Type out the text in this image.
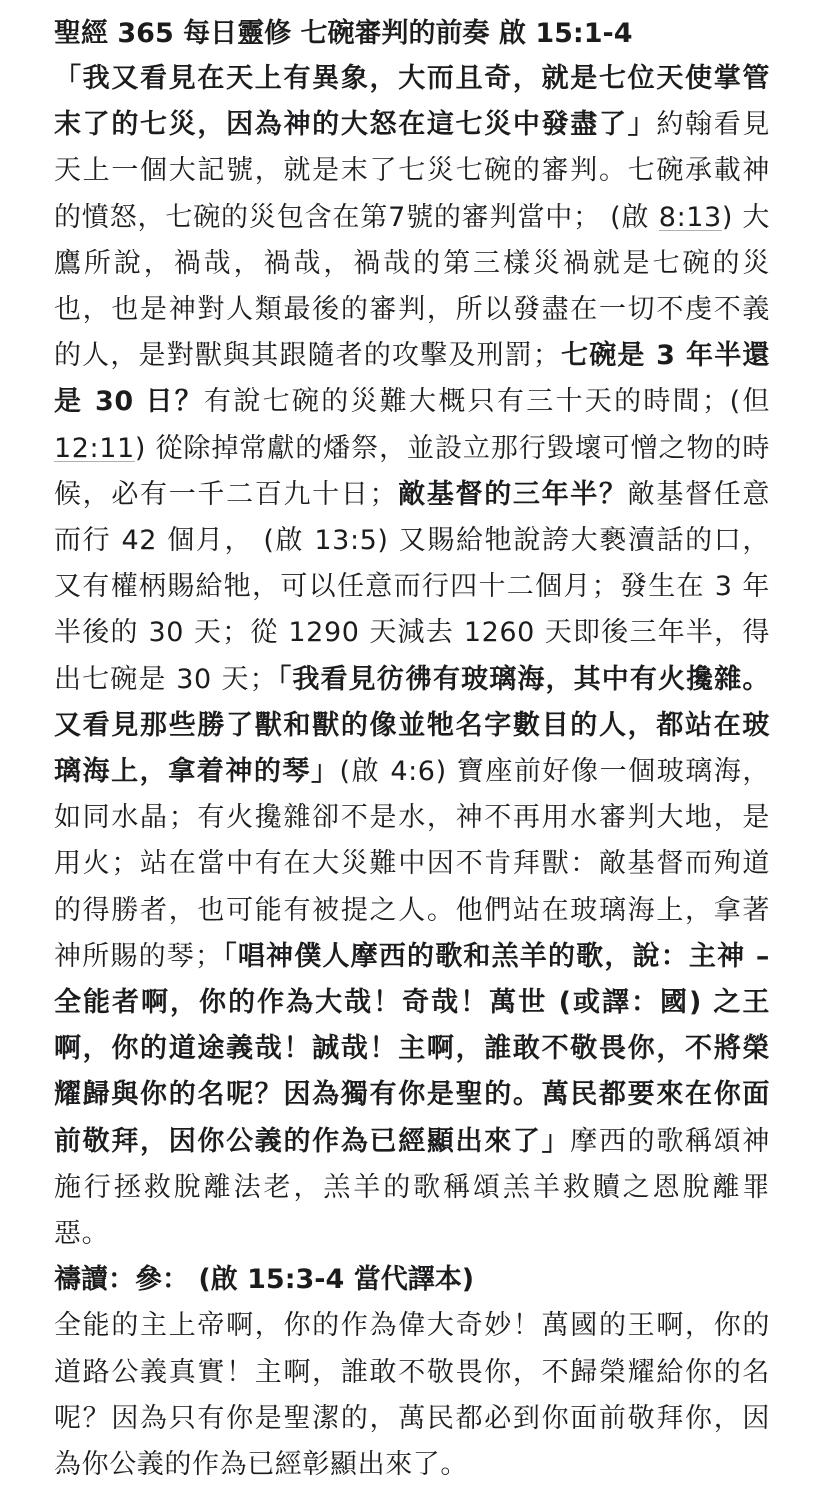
聖經 365 每日靈修 七碗審判的前奏 啟 15:1-4

「我又看見在天上有異象，大而且奇，就是七位天使掌管末了的七災，因為神的大怒在這七災中發盡了」約翰看見天上一個大記號，就是末了七災七碗的審判。七碗承載神的憤怒，七碗的災包含在第7號的審判當中； (啟 8:13) 大鷹所說，禍哉，禍哉，禍哉的第三樣災禍就是七碗的災也，也是神對人類最後的審判，所以發盡在一切不虔不義的人，是對獸與其跟隨者的攻擊及刑罰；七碗是 3 年半還是 30 日？有說七碗的災難大概只有三十天的時間；(但 12:11) 從除掉常獻的燔祭，並設立那行毀壞可憎之物的時候，必有一千二百九十日；敵基督的三年半？敵基督任意而行 42 個月， (啟 13:5) 又賜給牠說誇大褻瀆話的口，又有權柄賜給牠，可以任意而行四十二個月；發生在 3 年半後的 30 天；從 1290 天減去 1260 天即後三年半，得出七碗是 30 天；「我看見彷彿有玻璃海，其中有火攙雜。又看見那些勝了獸和獸的像並牠名字數目的人，都站在玻璃海上，拿着神的琴」(啟 4:6) 寶座前好像一個玻璃海，如同水晶；有火攙雜卻不是水，神不再用水審判大地，是用火；站在當中有在大災難中因不肯拜獸：敵基督而殉道的得勝者，也可能有被提之人。他們站在玻璃海上，拿著神所賜的琴；「唱神僕人摩西的歌和羔羊的歌，說：主神 – 全能者啊，你的作為大哉！奇哉！萬世 (或譯：國) 之王啊，你的道途義哉！誠哉！主啊，誰敢不敬畏你，不將榮耀歸與你的名呢？因為獨有你是聖的。萬民都要來在你面前敬拜，因你公義的作為已經顯出來了」摩西的歌稱頌神施行拯救脫離法老，羔羊的歌稱頌羔羊救贖之恩脫離罪惡。

禱讀：參： (啟 15:3-4 當代譯本)

全能的主上帝啊，你的作為偉大奇妙！萬國的王啊，你的道路公義真實！主啊，誰敢不敬畏你，不歸榮耀給你的名呢？因為只有你是聖潔的，萬民都必到你面前敬拜你，因為你公義的作為已經彰顯出來了。
